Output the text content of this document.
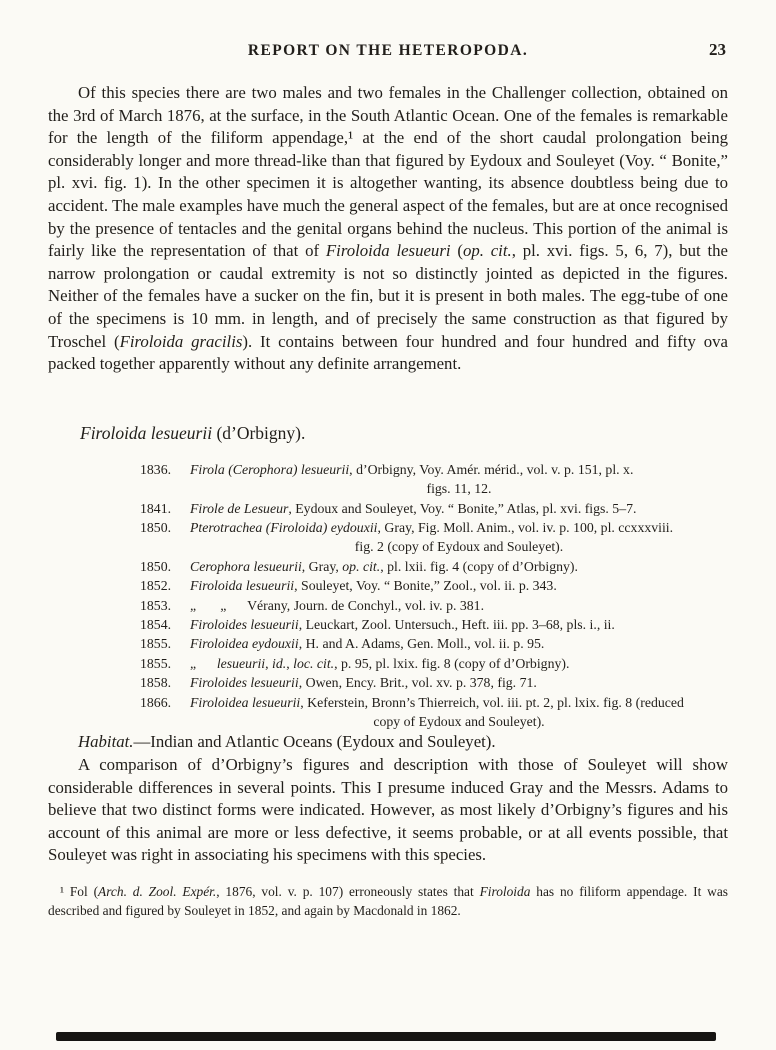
REPORT ON THE HETEROPODA.	23

Of this species there are two males and two females in the Challenger collection, obtained on the 3rd of March 1876, at the surface, in the South Atlantic Ocean. One of the females is remarkable for the length of the filiform appendage,¹ at the end of the short caudal prolongation being considerably longer and more thread-like than that figured by Eydoux and Souleyet (Voy. “ Bonite,” pl. xvi. fig. 1). In the other specimen it is altogether wanting, its absence doubtless being due to accident. The male examples have much the general aspect of the females, but are at once recognised by the presence of tentacles and the genital organs behind the nucleus. This portion of the animal is fairly like the representation of that of Firoloida lesueuri (op. cit., pl. xvi. figs. 5, 6, 7), but the narrow prolongation or caudal extremity is not so distinctly jointed as depicted in the figures. Neither of the females have a sucker on the fin, but it is present in both males. The egg-tube of one of the specimens is 10 mm. in length, and of precisely the same construction as that figured by Troschel (Firoloida gracilis). It contains between four hundred and four hundred and fifty ova packed together apparently without any definite arrangement.

Firoloida lesueurii (d’Orbigny).
1836.	Firola (Cerophora) lesueurii, d’Orbigny, Voy. Amér. mérid., vol. v. p. 151, pl. x.
figs. 11, 12.
1841.	Firole de Lesueur, Eydoux and Souleyet, Voy. “ Bonite,” Atlas, pl. xvi. figs. 5–7.
1850.	Pterotrachea (Firoloida) eydouxii, Gray, Fig. Moll. Anim., vol. iv. p. 100, pl. ccxxxviii.
fig. 2 (copy of Eydoux and Souleyet).
1850.	Cerophora lesueurii, Gray, op. cit., pl. lxii. fig. 4 (copy of d’Orbigny).
1852.	Firoloida lesueurii, Souleyet, Voy. “ Bonite,” Zool., vol. ii. p. 343.
1853.	„       „      Vérany, Journ. de Conchyl., vol. iv. p. 381.
1854.	Firoloides lesueurii, Leuckart, Zool. Untersuch., Heft. iii. pp. 3–68, pls. i., ii.
1855.	Firoloidea eydouxii, H. and A. Adams, Gen. Moll., vol. ii. p. 95.
1855.	„      lesueurii, id., loc. cit., p. 95, pl. lxix. fig. 8 (copy of d’Orbigny).
1858.	Firoloides lesueurii, Owen, Ency. Brit., vol. xv. p. 378, fig. 71.
1866.	Firoloidea lesueurii, Keferstein, Bronn’s Thierreich, vol. iii. pt. 2, pl. lxix. fig. 8 (reduced
copy of Eydoux and Souleyet).

Habitat.—Indian and Atlantic Oceans (Eydoux and Souleyet).

A comparison of d’Orbigny’s figures and description with those of Souleyet will show considerable differences in several points. This I presume induced Gray and the Messrs. Adams to believe that two distinct forms were indicated. However, as most likely d’Orbigny’s figures and his account of this animal are more or less defective, it seems probable, or at all events possible, that Souleyet was right in associating his specimens with this species.

¹ Fol (Arch. d. Zool. Expér., 1876, vol. v. p. 107) erroneously states that Firoloida has no filiform appendage. It was described and figured by Souleyet in 1852, and again by Macdonald in 1862.
